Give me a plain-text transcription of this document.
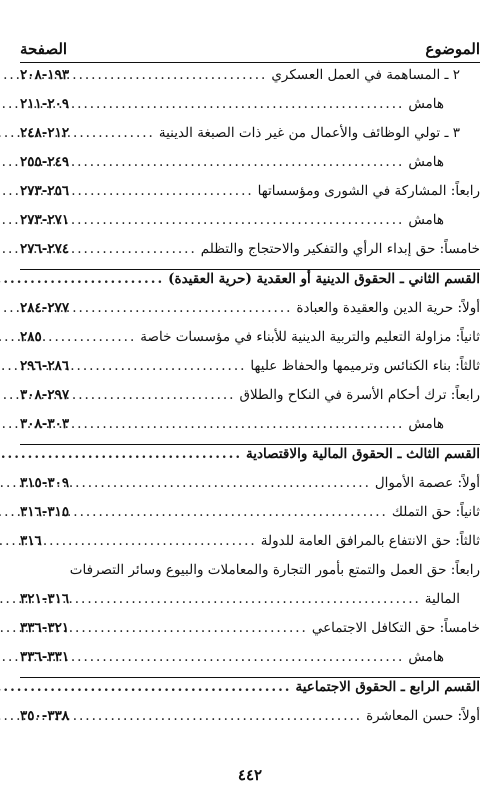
الموضوع
الصفحة
٢ ـ المساهمة في العمل العسكري
.....
١٩٣-٢٠٨
هامش
.....
٢٠٩-٢١١
٣ ـ تولي الوظائف والأعمال من غير ذات الصبغة الدينية
.....
٢١٢-٢٤٨
هامش
.....
٢٤٩-٢٥٥
رابعاً: المشاركة في الشورى ومؤسساتها
.....
٢٥٦-٢٧٣
هامش
.....
٢٧١-٢٧٣
خامساً: حق إبداء الرأي والتفكير والاحتجاج والتظلم
.....
٢٧٤-٢٧٦
القسم الثاني ـ الحقوق الدينية أو العقدية (حرية العقيدة)
.....
أولاً: حرية الدين والعقيدة والعبادة
.....
٢٧٧-٢٨٤
ثانياً: مزاولة التعليم والتربية الدينية للأبناء في مؤسسات خاصة
.....
٢٨٥
ثالثاً: بناء الكنائس وترميمها والحفاظ عليها
.....
٢٨٦-٢٩٦
رابعاً: ترك أحكام الأسرة في النكاح والطلاق
.....
٢٩٧-٣٠٨
هامش
.....
٣٠٣-٣٠٨
القسم الثالث ـ الحقوق المالية والاقتصادية
.....
أولاً: عصمة الأموال
.....
٣٠٩-٣١٥
ثانياً: حق التملك
.....
٣١٥-٣١٦
ثالثاً: حق الانتفاع بالمرافق العامة للدولة
.....
٣١٦
رابعاً: حق العمل والتمتع بأمور التجارة والمعاملات والبيوع وسائر التصرفات
المالية
.....
٣١٦-٣٢١
خامساً: حق التكافل الاجتماعي
.....
٣٢١-٣٣٦
هامش
.....
٣٣١-٣٣٦
القسم الرابع ـ الحقوق الاجتماعية
.....
أولاً: حسن المعاشرة
.....
٣٣٨-٣٥٠
٤٤٢
